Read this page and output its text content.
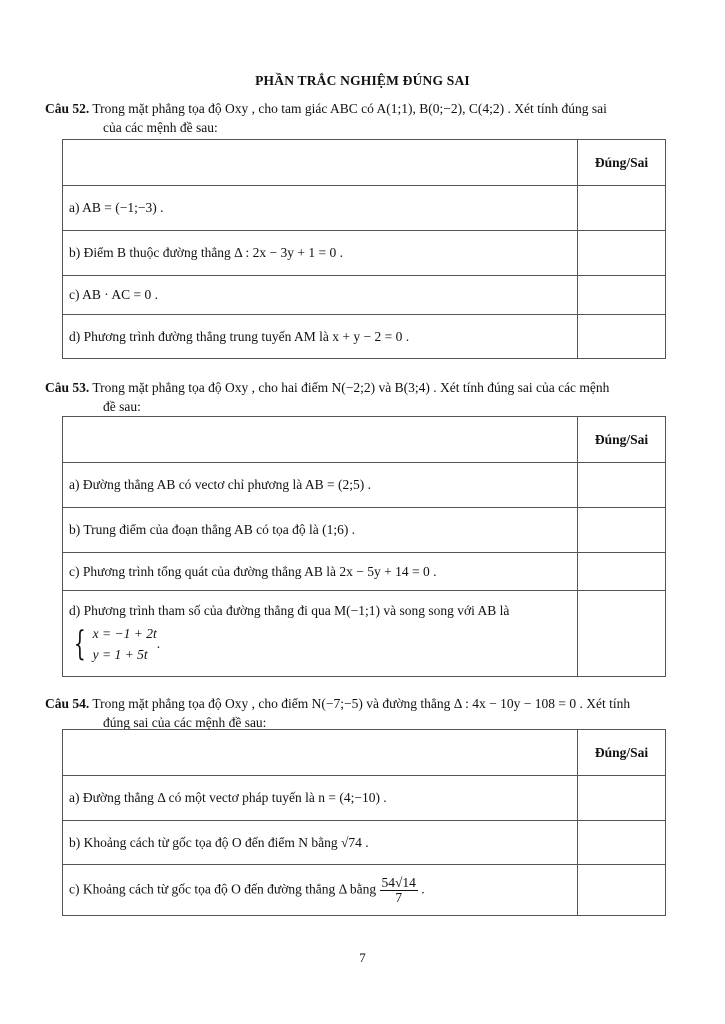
PHẦN TRẮC NGHIỆM ĐÚNG SAI
Câu 52. Trong mặt phẳng tọa độ Oxy , cho tam giác ABC có A(1;1), B(0;−2), C(4;2) . Xét tính đúng sai
của các mệnh đề sau:
	Đúng/Sai
a) AB = (−1;−3) .	
b) Điểm B thuộc đường thẳng Δ : 2x − 3y + 1 = 0 .	
c) AB · AC = 0 .	
d) Phương trình đường thẳng trung tuyến AM là x + y − 2 = 0 .	
Câu 53. Trong mặt phẳng tọa độ Oxy , cho hai điểm N(−2;2) và B(3;4) . Xét tính đúng sai của các mệnh
đề sau:
	Đúng/Sai
a) Đường thẳng AB có vectơ chỉ phương là AB = (2;5) .	
b) Trung điểm của đoạn thẳng AB có tọa độ là (1;6) .	
c) Phương trình tổng quát của đường thẳng AB là 2x − 5y + 14 = 0 .	

d) Phương trình tham số của đường thẳng đi qua M(−1;1) và song song với AB là
{ x = −1 + 2t
y = 1 + 5t
.	

Câu 54. Trong mặt phẳng tọa độ Oxy , cho điểm N(−7;−5) và đường thẳng Δ : 4x − 10y − 108 = 0 . Xét tính
đúng sai của các mệnh đề sau:
	Đúng/Sai
a) Đường thẳng Δ có một vectơ pháp tuyến là n = (4;−10) .	
b) Khoảng cách từ gốc tọa độ O đến điểm N bằng √74 .	
c) Khoảng cách từ gốc tọa độ O đến đường thẳng Δ bằng $\frac{54√14}{7}$ .	
7
